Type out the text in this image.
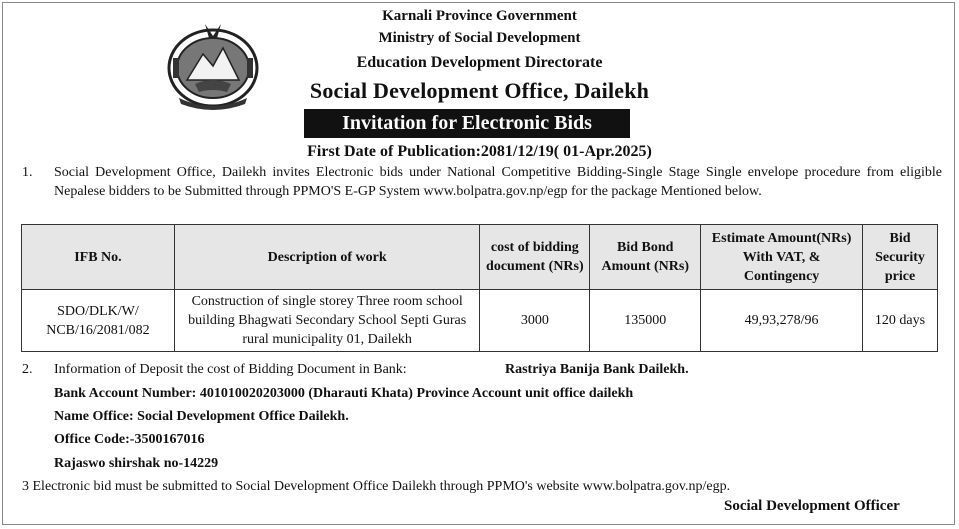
Karnali Province Government
Ministry of Social Development
Education Development Directorate
Social Development Office, Dailekh
Invitation for Electronic Bids
First Date of Publication:2081/12/19( 01-Apr.2025)
1. Social Development Office, Dailekh invites Electronic bids under National Competitive Bidding-Single Stage Single envelope procedure from eligible Nepalese bidders to be Submitted through PPMO'S E-GP System www.bolpatra.gov.np/egp for the package Mentioned below.
IFB No.	Description of work	cost of bidding document (NRs)	Bid Bond Amount (NRs)	Estimate Amount(NRs) With VAT, & Contingency	Bid Security price
SDO/DLK/W/ NCB/16/2081/082	Construction of single storey Three room school building Bhagwati Secondary School Septi Guras rural municipality 01, Dailekh	3000	135000	49,93,278/96	120 days
2. Information of Deposit the cost of Bidding Document in Bank:	Rastriya Banija Bank Dailekh.
Bank Account Number: 401010020203000 (Dharauti Khata) Province Account unit office dailekh
Name Office: Social Development Office Dailekh.
Office Code:-3500167016
Rajaswo shirshak no-14229
3 Electronic bid must be submitted to Social Development Office Dailekh through PPMO's website www.bolpatra.gov.np/egp.
Social Development Officer
